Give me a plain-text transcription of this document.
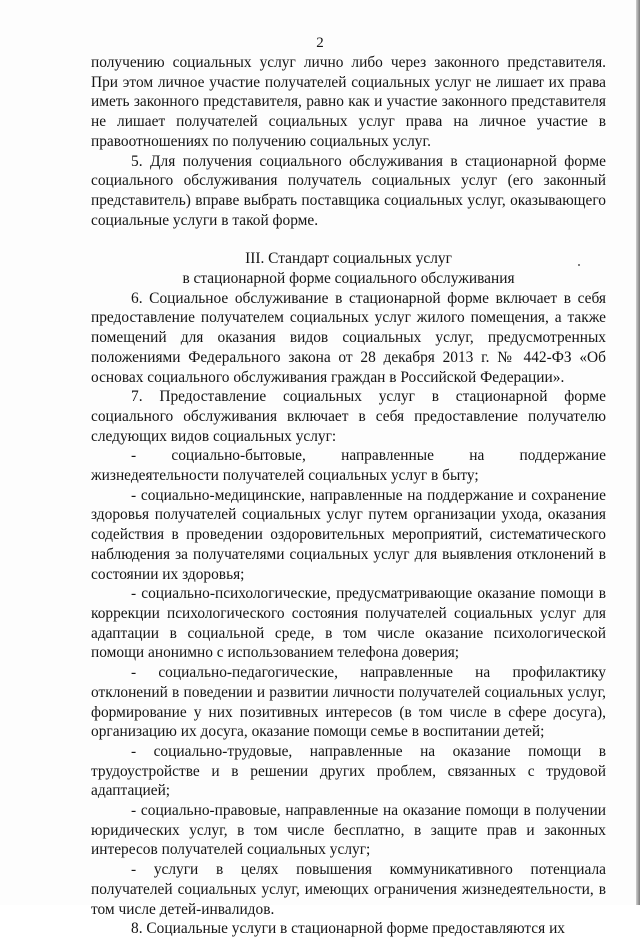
2

получению социальных услуг лично либо через законного представителя. При этом личное участие получателей социальных услуг не лишает их права иметь законного представителя, равно как и участие законного представителя не лишает получателей социальных услуг права на личное участие в правоотношениях по получению социальных услуг.

5. Для получения социального обслуживания в стационарной форме социального обслуживания получатель социальных услуг (его законный представитель) вправе выбрать поставщика социальных услуг, оказывающего социальные услуги в такой форме.

III. Стандарт социальных услуг

в стационарной форме социального обслуживания

6. Социальное обслуживание в стационарной форме включает в себя предоставление получателем социальных услуг жилого помещения, а также помещений для оказания видов социальных услуг, предусмотренных положениями Федерального закона от 28 декабря 2013 г. № 442-ФЗ «Об основах социального обслуживания граждан в Российской Федерации».

7. Предоставление социальных услуг в стационарной форме социального обслуживания включает в себя предоставление получателю следующих видов социальных услуг:

- социально-бытовые, направленные на поддержание жизнедеятельности получателей социальных услуг в быту;

- социально-медицинские, направленные на поддержание и сохранение здоровья получателей социальных услуг путем организации ухода, оказания содействия в проведении оздоровительных мероприятий, систематического наблюдения за получателями социальных услуг для выявления отклонений в состоянии их здоровья;

- социально-психологические, предусматривающие оказание помощи в коррекции психологического состояния получателей социальных услуг для адаптации в социальной среде, в том числе оказание психологической помощи анонимно с использованием телефона доверия;

- социально-педагогические, направленные на профилактику отклонений в поведении и развитии личности получателей социальных услуг, формирование у них позитивных интересов (в том числе в сфере досуга), организацию их досуга, оказание помощи семье в воспитании детей;

- социально-трудовые, направленные на оказание помощи в трудоустройстве и в решении других проблем, связанных с трудовой адаптацией;

- социально-правовые, направленные на оказание помощи в получении юридических услуг, в том числе бесплатно, в защите прав и законных интересов получателей социальных услуг;

- услуги в целях повышения коммуникативного потенциала получателей социальных услуг, имеющих ограничения жизнедеятельности, в том числе детей-инвалидов.

8. Социальные услуги в стационарной форме предоставляются их
